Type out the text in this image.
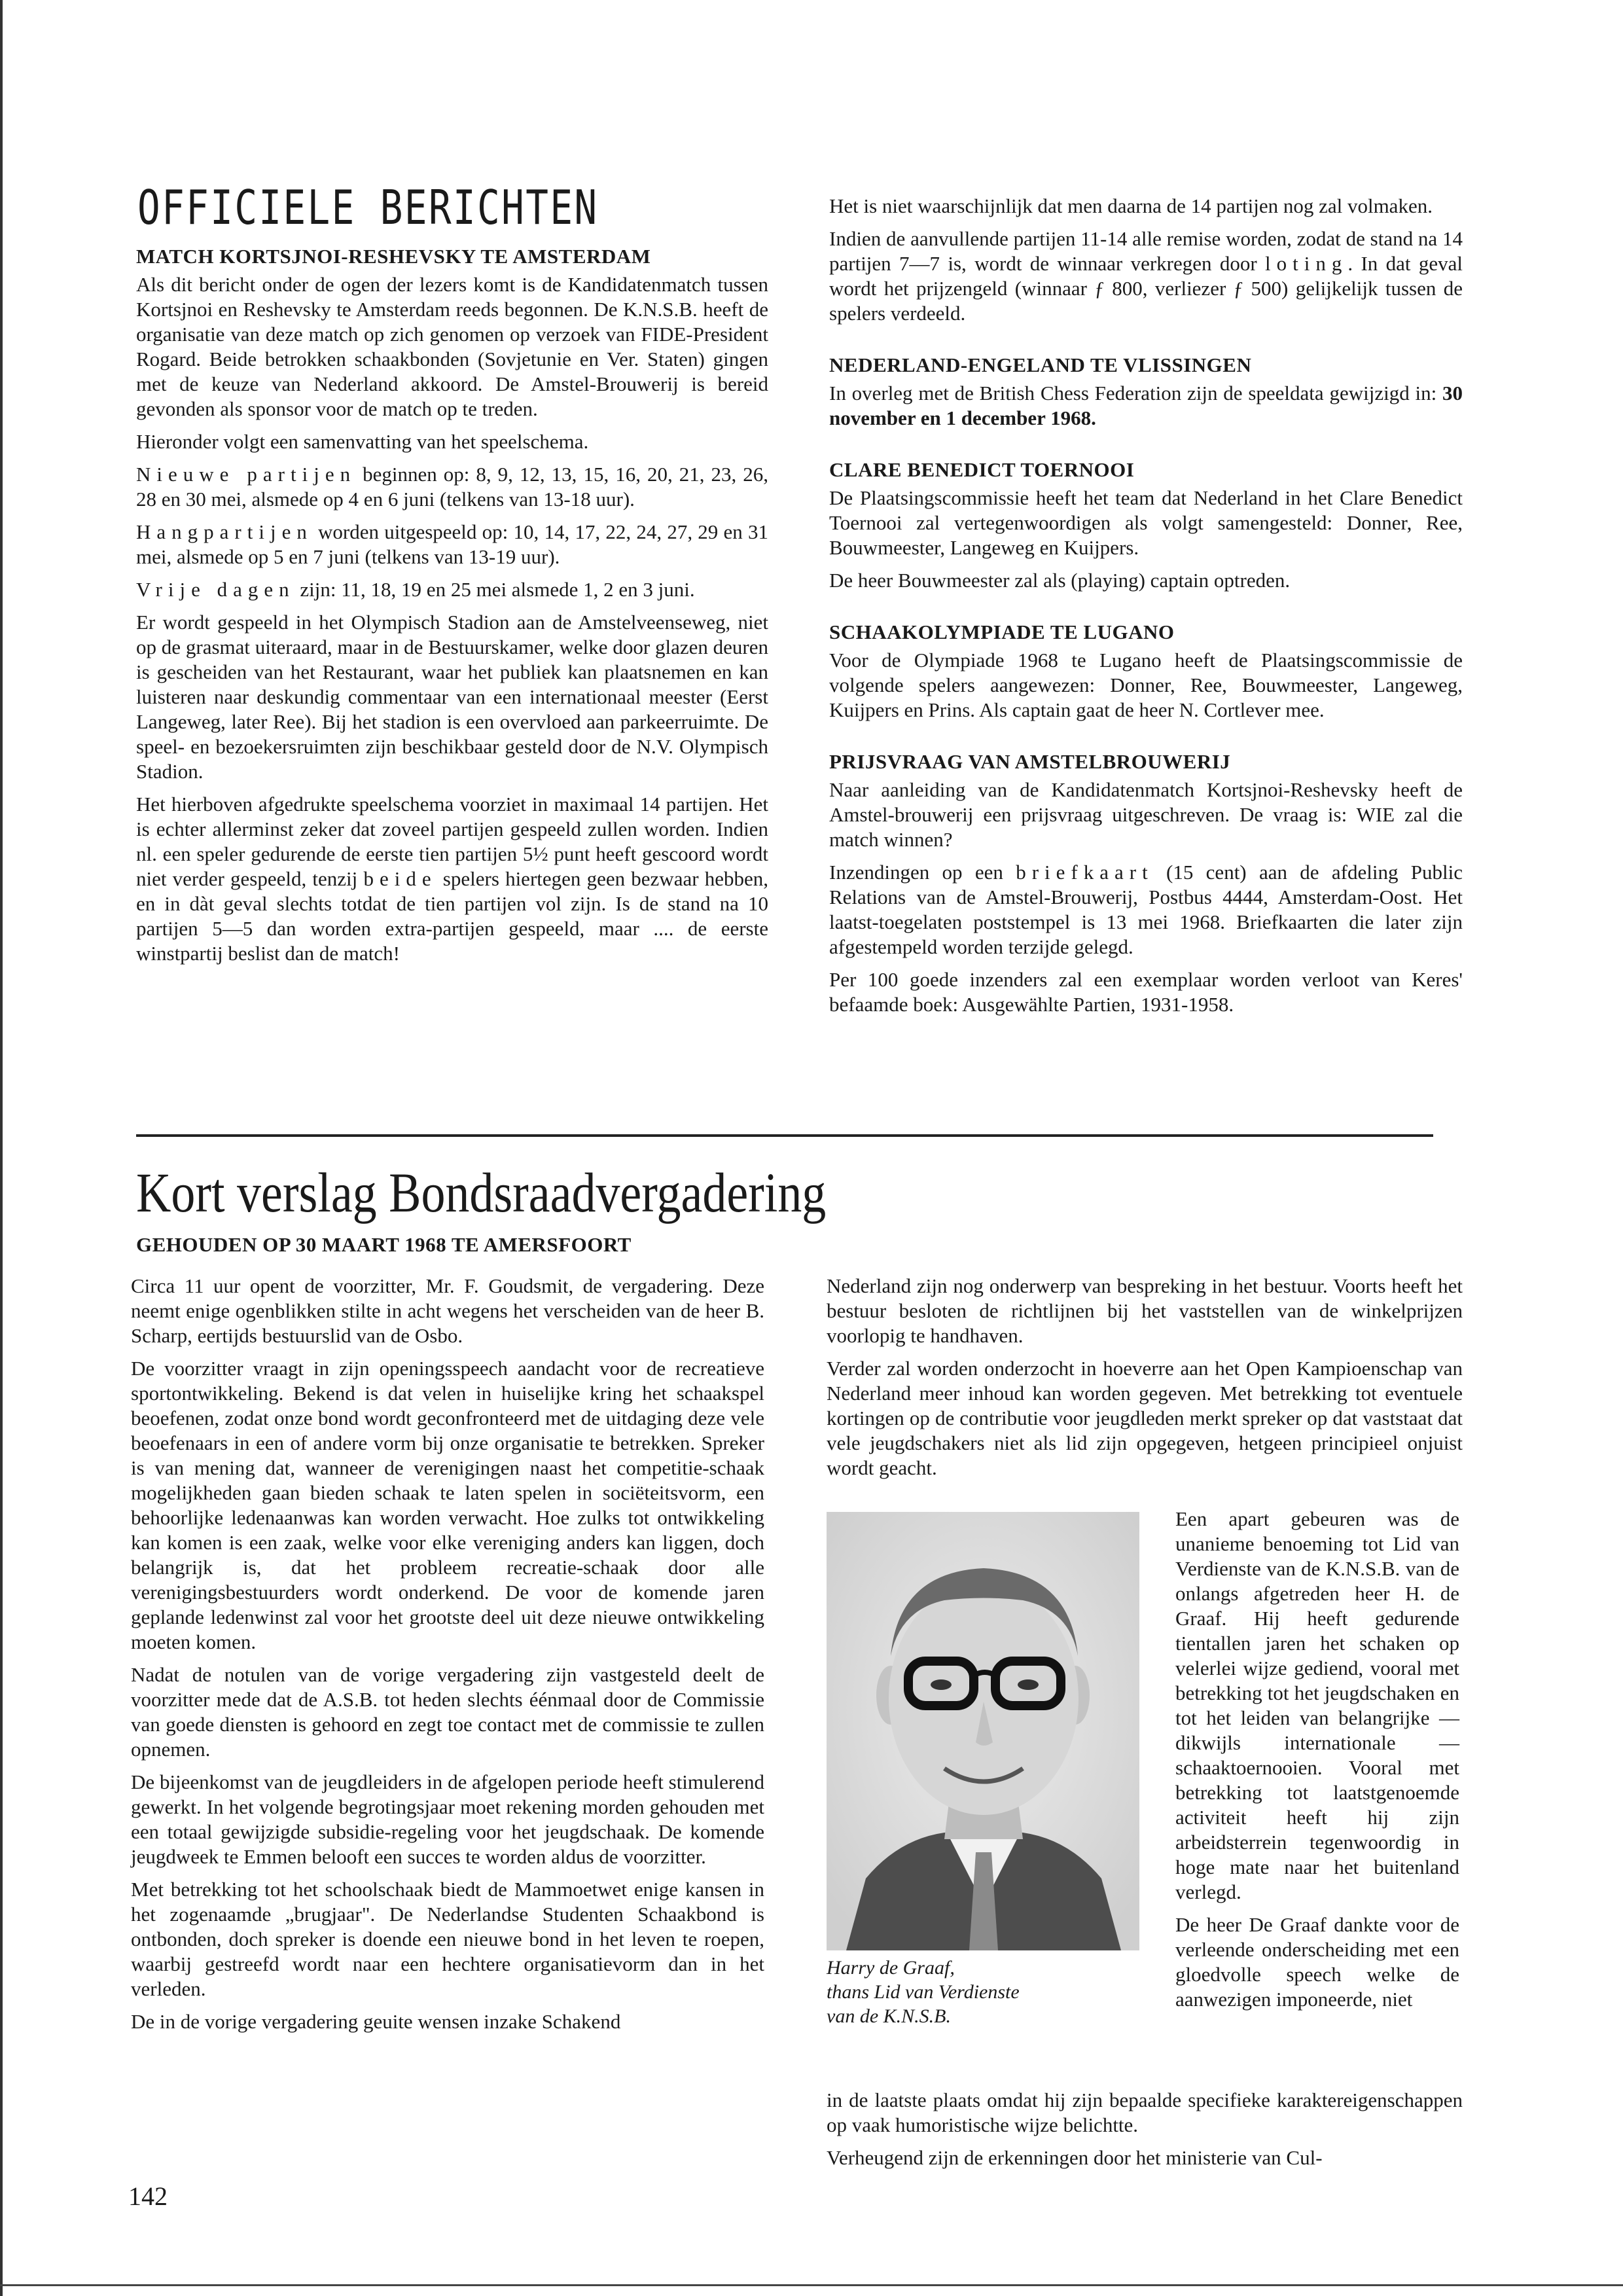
OFFICIELE BERICHTEN
MATCH KORTSJNOI-RESHEVSKY TE AMSTERDAM

Als dit bericht onder de ogen der lezers komt is de Kandidatenmatch tussen Kortsjnoi en Reshevsky te Amsterdam reeds begonnen. De K.N.S.B. heeft de organisatie van deze match op zich genomen op verzoek van FIDE-President Rogard. Beide betrokken schaakbonden (Sovjetunie en Ver. Staten) gingen met de keuze van Nederland akkoord. De Amstel-Brouwerij is bereid gevonden als sponsor voor de match op te treden.

Hieronder volgt een samenvatting van het speelschema.

Nieuwe partijen beginnen op: 8, 9, 12, 13, 15, 16, 20, 21, 23, 26, 28 en 30 mei, alsmede op 4 en 6 juni (telkens van 13-18 uur).

Hangpartijen worden uitgespeeld op: 10, 14, 17, 22, 24, 27, 29 en 31 mei, alsmede op 5 en 7 juni (telkens van 13-19 uur).

Vrije dagen zijn: 11, 18, 19 en 25 mei alsmede 1, 2 en 3 juni.

Er wordt gespeeld in het Olympisch Stadion aan de Amstelveenseweg, niet op de grasmat uiteraard, maar in de Bestuurskamer, welke door glazen deuren is gescheiden van het Restaurant, waar het publiek kan plaatsnemen en kan luisteren naar deskundig commentaar van een internationaal meester (Eerst Langeweg, later Ree). Bij het stadion is een overvloed aan parkeerruimte. De speel- en bezoekersruimten zijn beschikbaar gesteld door de N.V. Olympisch Stadion.

Het hierboven afgedrukte speelschema voorziet in maximaal 14 partijen. Het is echter allerminst zeker dat zoveel partijen gespeeld zullen worden. Indien nl. een speler gedurende de eerste tien partijen 5½ punt heeft gescoord wordt niet verder gespeeld, tenzij beide spelers hiertegen geen bezwaar hebben, en in dàt geval slechts totdat de tien partijen vol zijn. Is de stand na 10 partijen 5—5 dan worden extra-partijen gespeeld, maar .... de eerste winstpartij beslist dan de match!

Het is niet waarschijnlijk dat men daarna de 14 partijen nog zal volmaken.

Indien de aanvullende partijen 11-14 alle remise worden, zodat de stand na 14 partijen 7—7 is, wordt de winnaar verkregen door loting. In dat geval wordt het prijzengeld (winnaar ƒ 800, verliezer ƒ 500) gelijkelijk tussen de spelers verdeeld.

NEDERLAND-ENGELAND TE VLISSINGEN

In overleg met de British Chess Federation zijn de speeldata gewijzigd in: 30 november en 1 december 1968.

CLARE BENEDICT TOERNOOI

De Plaatsingscommissie heeft het team dat Nederland in het Clare Benedict Toernooi zal vertegenwoordigen als volgt samengesteld: Donner, Ree, Bouwmeester, Langeweg en Kuijpers.

De heer Bouwmeester zal als (playing) captain optreden.

SCHAAKOLYMPIADE TE LUGANO

Voor de Olympiade 1968 te Lugano heeft de Plaatsingscommissie de volgende spelers aangewezen: Donner, Ree, Bouwmeester, Langeweg, Kuijpers en Prins. Als captain gaat de heer N. Cortlever mee.

PRIJSVRAAG VAN AMSTELBROUWERIJ

Naar aanleiding van de Kandidatenmatch Kortsjnoi-Reshevsky heeft de Amstel-brouwerij een prijsvraag uitgeschreven. De vraag is: WIE zal die match winnen?

Inzendingen op een briefkaart (15 cent) aan de afdeling Public Relations van de Amstel-Brouwerij, Postbus 4444, Amsterdam-Oost. Het laatst-toegelaten poststempel is 13 mei 1968. Briefkaarten die later zijn afgestempeld worden terzijde gelegd.

Per 100 goede inzenders zal een exemplaar worden verloot van Keres' befaamde boek: Ausgewählte Partien, 1931-1958.

Kort verslag Bondsraadvergadering

GEHOUDEN OP 30 MAART 1968 TE AMERSFOORT

Circa 11 uur opent de voorzitter, Mr. F. Goudsmit, de vergadering. Deze neemt enige ogenblikken stilte in acht wegens het verscheiden van de heer B. Scharp, eertijds bestuurslid van de Osbo.

De voorzitter vraagt in zijn openingsspeech aandacht voor de recreatieve sportontwikkeling. Bekend is dat velen in huiselijke kring het schaakspel beoefenen, zodat onze bond wordt geconfronteerd met de uitdaging deze vele beoefenaars in een of andere vorm bij onze organisatie te betrekken. Spreker is van mening dat, wanneer de verenigingen naast het competitie-schaak mogelijkheden gaan bieden schaak te laten spelen in sociëteitsvorm, een behoorlijke ledenaanwas kan worden verwacht. Hoe zulks tot ontwikkeling kan komen is een zaak, welke voor elke vereniging anders kan liggen, doch belangrijk is, dat het probleem recreatie-schaak door alle verenigingsbestuurders wordt onderkend. De voor de komende jaren geplande ledenwinst zal voor het grootste deel uit deze nieuwe ontwikkeling moeten komen.

Nadat de notulen van de vorige vergadering zijn vastgesteld deelt de voorzitter mede dat de A.S.B. tot heden slechts éénmaal door de Commissie van goede diensten is gehoord en zegt toe contact met de commissie te zullen opnemen.

De bijeenkomst van de jeugdleiders in de afgelopen periode heeft stimulerend gewerkt. In het volgende begrotingsjaar moet rekening morden gehouden met een totaal gewijzigde subsidie-regeling voor het jeugdschaak. De komende jeugdweek te Emmen belooft een succes te worden aldus de voorzitter.

Met betrekking tot het schoolschaak biedt de Mammoetwet enige kansen in het zogenaamde „brugjaar". De Nederlandse Studenten Schaakbond is ontbonden, doch spreker is doende een nieuwe bond in het leven te roepen, waarbij gestreefd wordt naar een hechtere organisatievorm dan in het verleden.

De in de vorige vergadering geuite wensen inzake Schakend

Nederland zijn nog onderwerp van bespreking in het bestuur. Voorts heeft het bestuur besloten de richtlijnen bij het vaststellen van de winkelprijzen voorlopig te handhaven.

Verder zal worden onderzocht in hoeverre aan het Open Kampioenschap van Nederland meer inhoud kan worden gegeven. Met betrekking tot eventuele kortingen op de contributie voor jeugdleden merkt spreker op dat vaststaat dat vele jeugdschakers niet als lid zijn opgegeven, hetgeen principieel onjuist wordt geacht.

Een apart gebeuren was de unanieme benoeming tot Lid van Verdienste van de K.N.S.B. van de onlangs afgetreden heer H. de Graaf. Hij heeft gedurende tientallen jaren het schaken op velerlei wijze gediend, vooral met betrekking tot het jeugdschaken en tot het leiden van belangrijke — dikwijls internationale — schaaktoernooien. Vooral met betrekking tot laatstgenoemde activiteit heeft hij zijn arbeidsterrein tegenwoordig in hoge mate naar het buitenland verlegd.

De heer De Graaf dankte voor de verleende onderscheiding met een gloedvolle speech welke de aanwezigen imponeerde, niet

Harry de Graaf,
thans Lid van Verdienste
van de K.N.S.B.

in de laatste plaats omdat hij zijn bepaalde specifieke karaktereigenschappen op vaak humoristische wijze belichtte.

Verheugend zijn de erkenningen door het ministerie van Cul-

142
